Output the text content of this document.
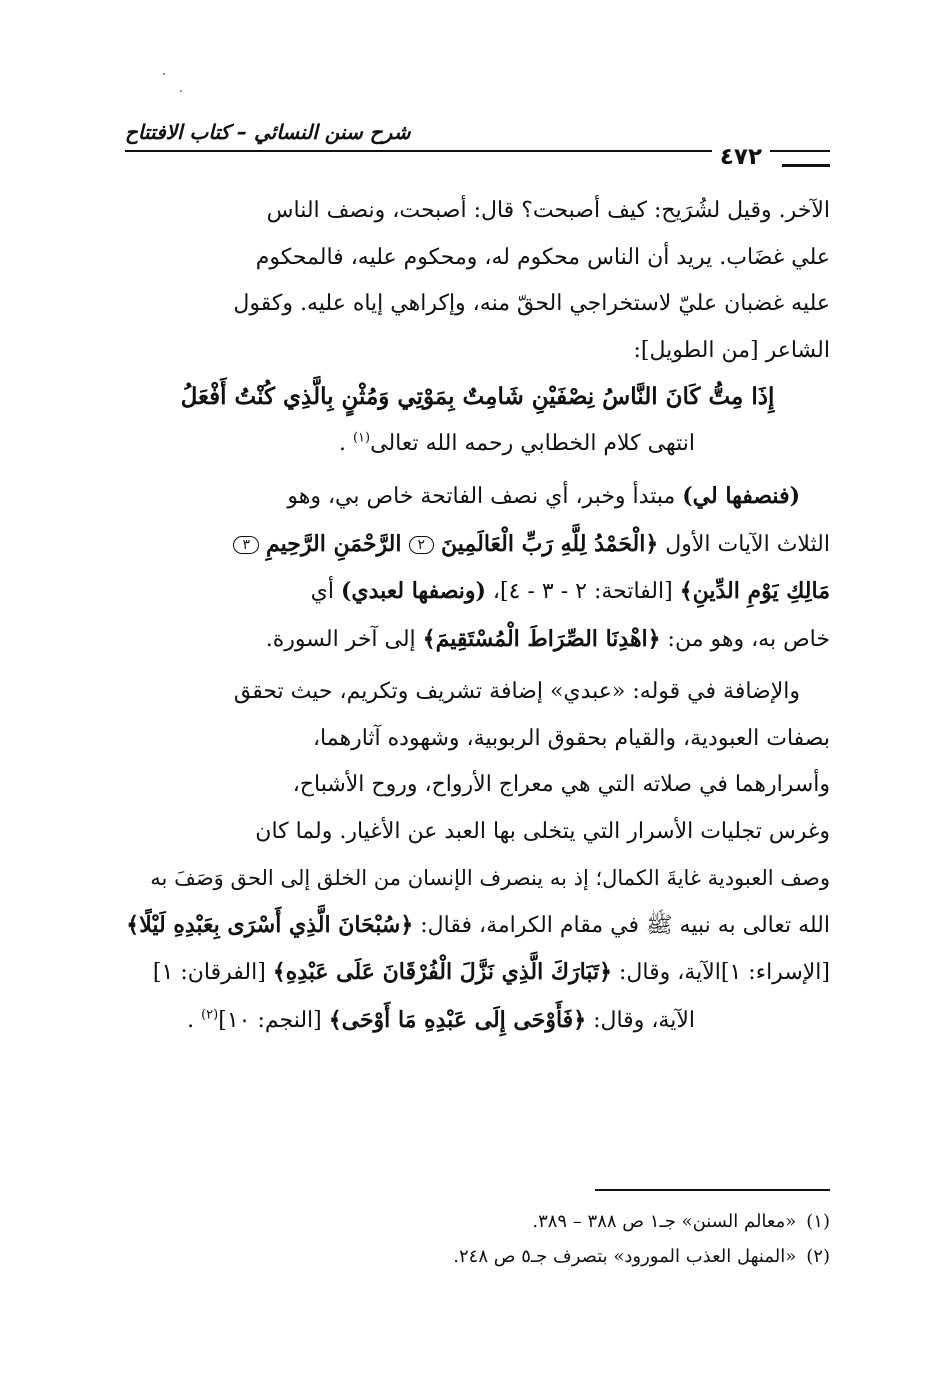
شرح سنن النسائي – كتاب الافتتاح
٤٧٢

الآخر. وقيل لشُرَيح: كيف أصبحت؟ قال: أصبحت، ونصف الناس

علي غضَاب. يريد أن الناس محكوم له، ومحكوم عليه، فالمحكوم

عليه غضبان عليّ لاستخراجي الحقّ منه، وإكراهي إياه عليه. وكقول

الشاعر [من الطويل]:

إِذَا مِتُّ كَانَ النَّاسُ نِصْفَيْنِ شَامِتٌ بِمَوْتِي وَمُثْنٍ بِالَّذِي كُنْتُ أَفْعَلُ

انتهى كلام الخطابي رحمه الله تعالى$^{(١)}$ .

(فنصفها لي) مبتدأ وخبر، أي نصف الفاتحة خاص بي، وهو

الثلاث الآيات الأول ﴿الْحَمْدُ لِلَّهِ رَبِّ الْعَالَمِينَ ٢ الرَّحْمَنِ الرَّحِيمِ ٣

مَالِكِ يَوْمِ الدِّينِ﴾ [الفاتحة: ٢ - ٣ - ٤]، (ونصفها لعبدي) أي

خاص به، وهو من: ﴿اهْدِنَا الصِّرَاطَ الْمُسْتَقِيمَ﴾ إلى آخر السورة.

والإضافة في قوله: «عبدي» إضافة تشريف وتكريم، حيث تحقق

بصفات العبودية، والقيام بحقوق الربوبية، وشهوده آثارهما،

وأسرارهما في صلاته التي هي معراج الأرواح، وروح الأشباح،

وغرس تجليات الأسرار التي يتخلى بها العبد عن الأغيار. ولما كان

وصف العبودية غايةَ الكمال؛ إذ به ينصرف الإنسان من الخلق إلى الحق وَصَفَ به

الله تعالى به نبيه ﷺ في مقام الكرامة، فقال: ﴿سُبْحَانَ الَّذِي أَسْرَى بِعَبْدِهِ لَيْلًا﴾

[الإسراء: ١]الآية، وقال: ﴿تَبَارَكَ الَّذِي نَزَّلَ الْفُرْقَانَ عَلَى عَبْدِهِ﴾ [الفرقان: ١]

الآية، وقال: ﴿فَأَوْحَى إِلَى عَبْدِهِ مَا أَوْحَى﴾ [النجم: ١٠]$^{(٢)}$ .

(١)«معالم السنن» جـ١ ص ٣٨٨ – ٣٨٩.

(٢)«المنهل العذب المورود» بتصرف جـ٥ ص ٢٤٨.
